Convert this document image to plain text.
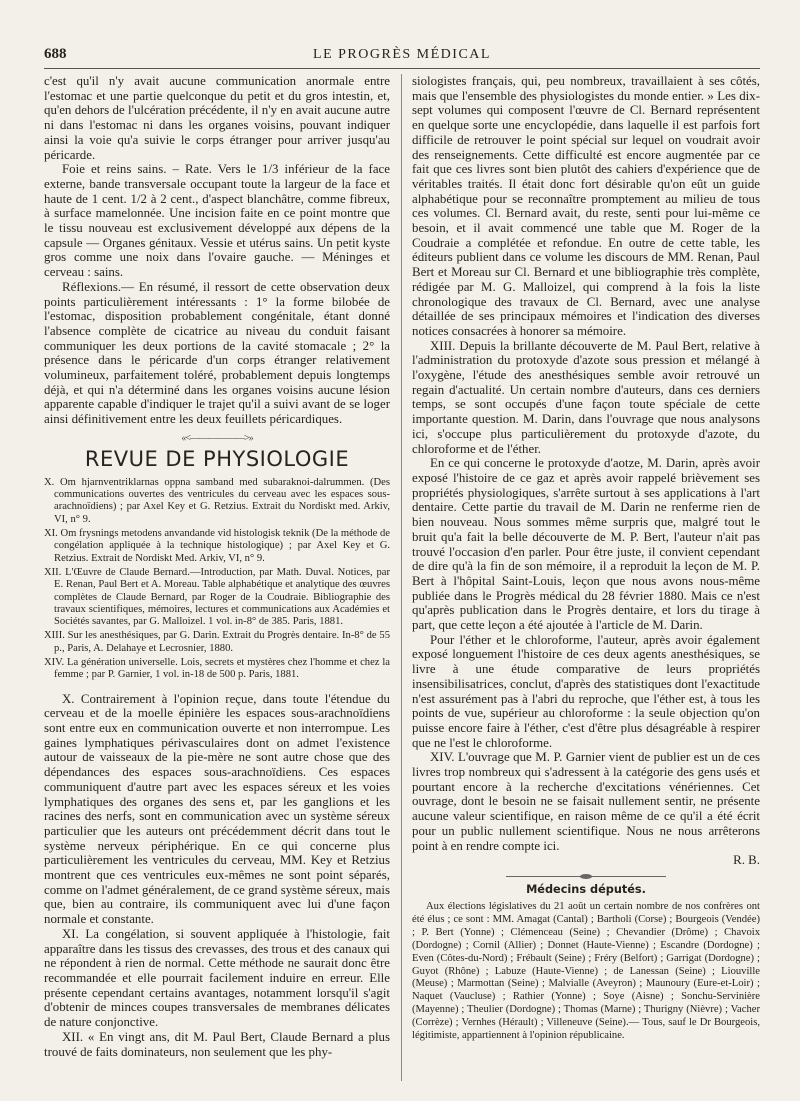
688	LE PROGRÈS MÉDICAL

c'est qu'il n'y avait aucune communication anormale entre l'estomac et une partie quelconque du petit et du gros intestin, et, qu'en dehors de l'ulcération précédente, il n'y en avait aucune autre ni dans l'estomac ni dans les organes voisins, pouvant indiquer ainsi la voie qu'a suivie le corps étranger pour arriver jusqu'au péricarde.

Foie et reins sains. – Rate. Vers le 1/3 inférieur de la face externe, bande transversale occupant toute la largeur de la face et haute de 1 cent. 1/2 à 2 cent., d'aspect blanchâtre, comme fibreux, à surface mamelonnée. Une incision faite en ce point montre que le tissu nouveau est exclusivement développé aux dépens de la capsule — Organes génitaux. Vessie et utérus sains. Un petit kyste gros comme une noix dans l'ovaire gauche. — Méninges et cerveau : sains.

Réflexions.— En résumé, il ressort de cette observation deux points particulièrement intéressants : 1° la forme bilobée de l'estomac, disposition probablement congénitale, étant donné l'absence complète de cicatrice au niveau du conduit faisant communiquer les deux portions de la cavité stomacale ; 2° la présence dans le péricarde d'un corps étranger relativement volumineux, parfaitement toléré, probablement depuis longtemps déjà, et qui n'a déterminé dans les organes voisins aucune lésion apparente capable d'indiquer le trajet qu'il a suivi avant de se loger ainsi définitivement entre les deux feuillets péricardiques.

«<——————>»
REVUE DE PHYSIOLOGIE
X. Om hjarnventriklarnas oppna samband med subaraknoi-dalrummen. (Des communications ouvertes des ventricules du cerveau avec les espaces sous-arachnoïdiens) ; par Axel Key et G. Retzius. Extrait du Nordiskt med. Arkiv, VI, n° 9.
XI. Om frysnings metodens anvandande vid histologisk teknik (De la méthode de congélation appliquée à la technique histologique) ; par Axel Key et G. Retzius. Extrait de Nordiskt Med. Arkiv, VI, n° 9.
XII. L'Œuvre de Claude Bernard.—Introduction, par Math. Duval. Notices, par E. Renan, Paul Bert et A. Moreau. Table alphabétique et analytique des œuvres complètes de Claude Bernard, par Roger de la Coudraie. Bibliographie des travaux scientifiques, mémoires, lectures et communications aux Académies et Sociétés savantes, par G. Malloizel. 1 vol. in-8° de 385. Paris, 1881.
XIII. Sur les anesthésiques, par G. Darin. Extrait du Progrès dentaire. In-8° de 55 p., Paris, A. Delahaye et Lecrosnier, 1880.
XIV. La génération universelle. Lois, secrets et mystères chez l'homme et chez la femme ; par P. Garnier, 1 vol. in-18 de 500 p. Paris, 1881.

X. Contrairement à l'opinion reçue, dans toute l'étendue du cerveau et de la moelle épinière les espaces sous-arachnoïdiens sont entre eux en communication ouverte et non interrompue. Les gaines lymphatiques périvasculaires dont on admet l'existence autour de vaisseaux de la pie-mère ne sont autre chose que des dépendances des espaces sous-arachnoïdiens. Ces espaces communiquent d'autre part avec les espaces séreux et les voies lymphatiques des organes des sens et, par les ganglions et les racines des nerfs, sont en communication avec un système séreux particulier que les auteurs ont précédemment décrit dans tout le système nerveux périphérique. En ce qui concerne plus particulièrement les ventricules du cerveau, MM. Key et Retzius montrent que ces ventricules eux-mêmes ne sont point séparés, comme on l'admet généralement, de ce grand système séreux, mais que, bien au contraire, ils communiquent avec lui d'une façon normale et constante.

XI. La congélation, si souvent appliquée à l'histologie, fait apparaître dans les tissus des crevasses, des trous et des canaux qui ne répondent à rien de normal. Cette méthode ne saurait donc être recommandée et elle pourrait facilement induire en erreur. Elle présente cependant certains avantages, notamment lorsqu'il s'agit d'obtenir de minces coupes transversales de membranes délicates de nature conjonctive.

XII. « En vingt ans, dit M. Paul Bert, Claude Bernard a plus trouvé de faits dominateurs, non seulement que les phy-

siologistes français, qui, peu nombreux, travaillaient à ses côtés, mais que l'ensemble des physiologistes du monde entier. » Les dix-sept volumes qui composent l'œuvre de Cl. Bernard représentent en quelque sorte une encyclopédie, dans laquelle il est parfois fort difficile de retrouver le point spécial sur lequel on voudrait avoir des renseignements. Cette difficulté est encore augmentée par ce fait que ces livres sont bien plutôt des cahiers d'expérience que de véritables traités. Il était donc fort désirable qu'on eût un guide alphabétique pour se reconnaître promptement au milieu de tous ces volumes. Cl. Bernard avait, du reste, senti pour lui-même ce besoin, et il avait commencé une table que M. Roger de la Coudraie a complétée et refondue. En outre de cette table, les éditeurs publient dans ce volume les discours de MM. Renan, Paul Bert et Moreau sur Cl. Bernard et une bibliographie très complète, rédigée par M. G. Malloizel, qui comprend à la fois la liste chronologique des travaux de Cl. Bernard, avec une analyse détaillée de ses principaux mémoires et l'indication des diverses notices consacrées à honorer sa mémoire.

XIII. Depuis la brillante découverte de M. Paul Bert, relative à l'administration du protoxyde d'azote sous pression et mélangé à l'oxygène, l'étude des anesthésiques semble avoir retrouvé un regain d'actualité. Un certain nombre d'auteurs, dans ces derniers temps, se sont occupés d'une façon toute spéciale de cette importante question. M. Darin, dans l'ouvrage que nous analysons ici, s'occupe plus particulièrement du protoxyde d'azote, du chloroforme et de l'éther.

En ce qui concerne le protoxyde d'aotze, M. Darin, après avoir exposé l'histoire de ce gaz et après avoir rappelé brièvement ses propriétés physiologiques, s'arrête surtout à ses applications à l'art dentaire. Cette partie du travail de M. Darin ne renferme rien de bien nouveau. Nous sommes même surpris que, malgré tout le bruit qu'a fait la belle découverte de M. P. Bert, l'auteur n'ait pas trouvé l'occasion d'en parler. Pour être juste, il convient cependant de dire qu'à la fin de son mémoire, il a reproduit la leçon de M. P. Bert à l'hôpital Saint-Louis, leçon que nous avons nous-même publiée dans le Progrès médical du 28 février 1880. Mais ce n'est qu'après publication dans le Progrès dentaire, et lors du tirage à part, que cette leçon a été ajoutée à l'article de M. Darin.

Pour l'éther et le chloroforme, l'auteur, après avoir également exposé longuement l'histoire de ces deux agents anesthésiques, se livre à une étude comparative de leurs propriétés insensibilisatrices, conclut, d'après des statistiques dont l'exactitude n'est assurément pas à l'abri du reproche, que l'éther est, à tous les points de vue, supérieur au chloroforme : la seule objection qu'on puisse encore faire à l'éther, c'est d'être plus désagréable à respirer que ne l'est le chloroforme.

XIV. L'ouvrage que M. P. Garnier vient de publier est un de ces livres trop nombreux qui s'adressent à la catégorie des gens usés et pourtant encore à la recherche d'excitations vénériennes. Cet ouvrage, dont le besoin ne se faisait nullement sentir, ne présente aucune valeur scientifique, en raison même de ce qu'il a été écrit pour un public nullement scientifique. Nous ne nous arrêterons point à en rendre compte ici.

R. B.

Médecins députés.

Aux élections législatives du 21 août un certain nombre de nos confrères ont été élus ; ce sont : MM. Amagat (Cantal) ; Bartholi (Corse) ; Bourgeois (Vendée) ; P. Bert (Yonne) ; Clémenceau (Seine) ; Chevandier (Drôme) ; Chavoix (Dordogne) ; Cornil (Allier) ; Donnet (Haute-Vienne) ; Escandre (Dordogne) ; Even (Côtes-du-Nord) ; Frébault (Seine) ; Fréry (Belfort) ; Garrigat (Dordogne) ; Guyot (Rhône) ; Labuze (Haute-Vienne) ; de Lanessan (Seine) ; Liouville (Meuse) ; Marmottan (Seine) ; Malvialle (Aveyron) ; Maunoury (Eure-et-Loir) ; Naquet (Vaucluse) ; Rathier (Yonne) ; Soye (Aisne) ; Sonchu-Servinière (Mayenne) ; Theulier (Dordogne) ; Thomas (Marne) ; Thurigny (Nièvre) ; Vacher (Corrèze) ; Vernhes (Hérault) ; Villeneuve (Seine).— Tous, sauf le Dr Bourgeois, légitimiste, appartiennent à l'opinion républicaine.
